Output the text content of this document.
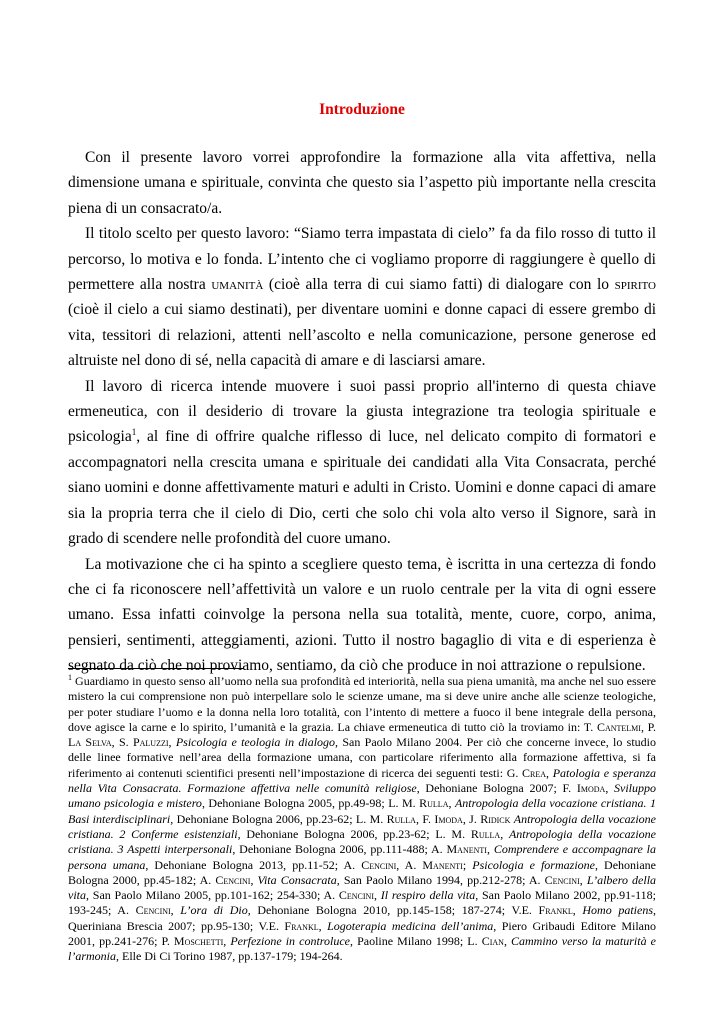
Introduzione

Con il presente lavoro vorrei approfondire la formazione alla vita affettiva, nella dimensione umana e spirituale, convinta che questo sia l’aspetto più importante nella crescita piena di un consacrato/a.

Il titolo scelto per questo lavoro: “Siamo terra impastata di cielo” fa da filo rosso di tutto il percorso, lo motiva e lo fonda. L’intento che ci vogliamo proporre di raggiungere è quello di permettere alla nostra umanità (cioè alla terra di cui siamo fatti) di dialogare con lo spirito (cioè il cielo a cui siamo destinati), per diventare uomini e donne capaci di essere grembo di vita, tessitori di relazioni, attenti nell’ascolto e nella comunicazione, persone generose ed altruiste nel dono di sé, nella capacità di amare e di lasciarsi amare.

Il lavoro di ricerca intende muovere i suoi passi proprio all'interno di questa chiave ermeneutica, con il desiderio di trovare la giusta integrazione tra teologia spirituale e psicologia$^1$, al fine di offrire qualche riflesso di luce, nel delicato compito di formatori e accompagnatori nella crescita umana e spirituale dei candidati alla Vita Consacrata, perché siano uomini e donne affettivamente maturi e adulti in Cristo. Uomini e donne capaci di amare sia la propria terra che il cielo di Dio, certi che solo chi vola alto verso il Signore, sarà in grado di scendere nelle profondità del cuore umano.

La motivazione che ci ha spinto a scegliere questo tema, è iscritta in una certezza di fondo che ci fa riconoscere nell’affettività un valore e un ruolo centrale per la vita di ogni essere umano. Essa infatti coinvolge la persona nella sua totalità, mente, cuore, corpo, anima, pensieri, sentimenti, atteggiamenti, azioni. Tutto il nostro bagaglio di vita e di esperienza è segnato da ciò che noi proviamo, sentiamo, da ciò che produce in noi attrazione o repulsione.

$^1$ Guardiamo in questo senso all’uomo nella sua profondità ed interiorità, nella sua piena umanità, ma anche nel suo essere mistero la cui comprensione non può interpellare solo le scienze umane, ma si deve unire anche alle scienze teologiche, per poter studiare l’uomo e la donna nella loro totalità, con l’intento di mettere a fuoco il bene integrale della persona, dove agisce la carne e lo spirito, l’umanità e la grazia. La chiave ermeneutica di tutto ciò la troviamo in: T. Cantelmi, P. La Selva, S. Paluzzi, Psicologia e teologia in dialogo, San Paolo Milano 2004. Per ciò che concerne invece, lo studio delle linee formative nell’area della formazione umana, con particolare riferimento alla formazione affettiva, si fa riferimento ai contenuti scientifici presenti nell’impostazione di ricerca dei seguenti testi: G. Crea, Patologia e speranza nella Vita Consacrata. Formazione affettiva nelle comunità religiose, Dehoniane Bologna 2007; F. Imoda, Sviluppo umano psicologia e mistero, Dehoniane Bologna 2005, pp.49-98; L. M. Rulla, Antropologia della vocazione cristiana. 1 Basi interdisciplinari, Dehoniane Bologna 2006, pp.23-62; L. M. Rulla, F. Imoda, J. Ridick Antropologia della vocazione cristiana. 2 Conferme esistenziali, Dehoniane Bologna 2006, pp.23-62; L. M. Rulla, Antropologia della vocazione cristiana. 3 Aspetti interpersonali, Dehoniane Bologna 2006, pp.111-488; A. Manenti, Comprendere e accompagnare la persona umana, Dehoniane Bologna 2013, pp.11-52; A. Cencini, A. Manenti; Psicologia e formazione, Dehoniane Bologna 2000, pp.45-182; A. Cencini, Vita Consacrata, San Paolo Milano 1994, pp.212-278; A. Cencini, L’albero della vita, San Paolo Milano 2005, pp.101-162; 254-330; A. Cencini, Il respiro della vita, San Paolo Milano 2002, pp.91-118; 193-245; A. Cencini, L’ora di Dio, Dehoniane Bologna 2010, pp.145-158; 187-274; V.E. Frankl, Homo patiens, Queriniana Brescia 2007; pp.95-130; V.E. Frankl, Logoterapia medicina dell’anima, Piero Gribaudi Editore Milano 2001, pp.241-276; P. Moschetti, Perfezione in controluce, Paoline Milano 1998; L. Cian, Cammino verso la maturità e l’armonia, Elle Di Ci Torino 1987, pp.137-179; 194-264.
